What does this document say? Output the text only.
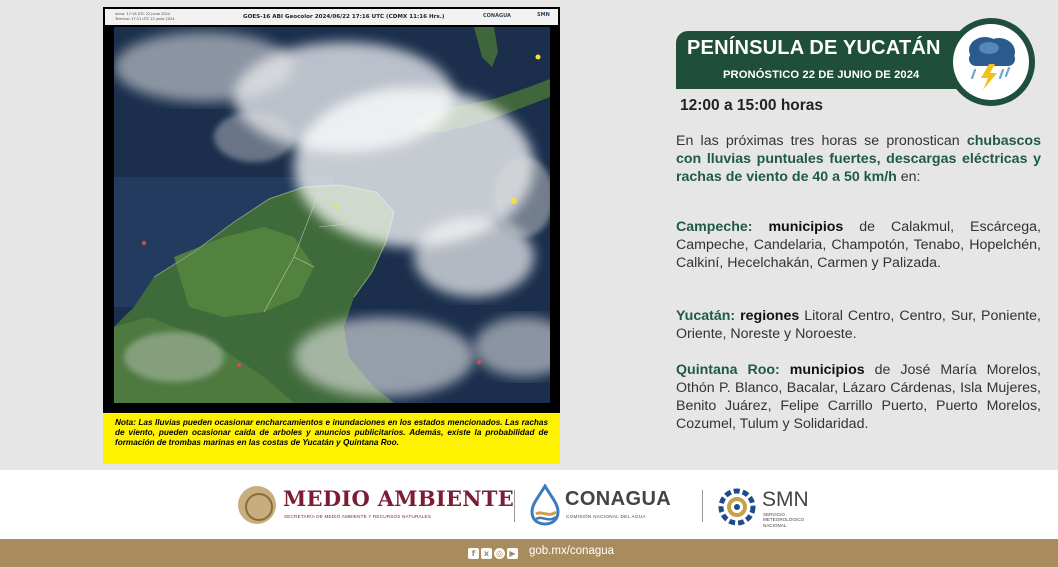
Inicio: 17:16 UTC 22 junio 2024
Termino: 17:21 UTC 22 junio 2024	GOES-16 ABI Geocolor 2024/06/22 17:16 UTC (CDMX 11:16 Hrs.)	CONAGUA	SMN

Nota: Las lluvias pueden ocasionar encharcamientos e inundaciones en los estados mencionados. Las rachas de viento, pueden ocasionar caída de arboles y anuncios publicitarios. Además, existe la probabilidad de formación de trombas marinas en las costas de Yucatán y Quintana Roo.

PENÍNSULA DE YUCATÁN
PRONÓSTICO 22 DE JUNIO DE 2024
12:00 a 15:00 horas
En las próximas tres horas se pronostican chubascos con lluvias puntuales fuertes, descargas eléctricas y rachas de viento de 40 a 50 km/h en:
Campeche: municipios de Calakmul, Escárcega, Campeche, Candelaria, Champotón, Tenabo, Hopelchén, Calkiní, Hecelchakán, Carmen y Palizada.
Yucatán: regiones Litoral Centro, Centro, Sur, Poniente, Oriente, Noreste y Noroeste.
Quintana Roo: municipios de José María Morelos, Othón P. Blanco, Bacalar, Lázaro Cárdenas, Isla Mujeres, Benito Juárez, Felipe Carrillo Puerto, Puerto Morelos, Cozumel, Tulum y Solidaridad.
MEDIO AMBIENTE
SECRETARÍA DE MEDIO AMBIENTE Y RECURSOS NATURALES
CONAGUA
COMISIÓN NACIONAL DEL AGUA
SMN
SERVICIO METEOROLÓGICO NACIONAL
f	x ◎ ▶ gob.mx/conagua
